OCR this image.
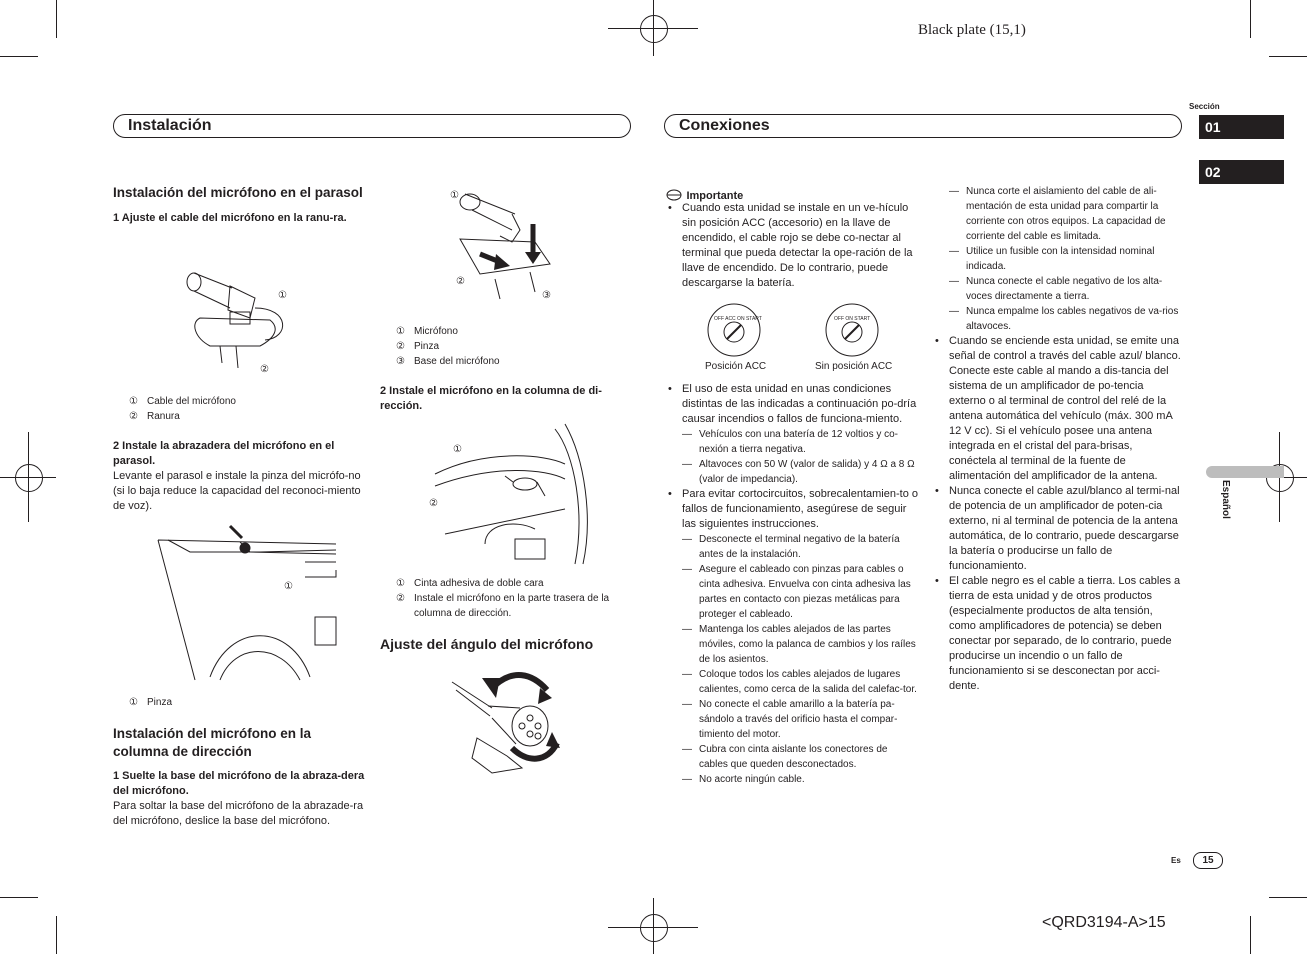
Black plate (15,1)
<QRD3194-A>15
Instalación	Conexiones
Sección
01
02
Español
Es	15
Instalación del micrófono en el parasol
1 Ajuste el cable del micrófono en la ranu-ra.
①
②
① Cable del micrófono
② Ranura
2 Instale la abrazadera del micrófono en el parasol.
Levante el parasol e instale la pinza del micrófo-no (si lo baja reduce la capacidad del reconoci-miento de voz).
①
① Pinza
Instalación del micrófono en la columna de dirección
1 Suelte la base del micrófono de la abraza-dera del micrófono.
Para soltar la base del micrófono de la abrazade-ra del micrófono, deslice la base del micrófono.
①
②
③
① Micrófono
② Pinza
③ Base del micrófono
2 Instale el micrófono en la columna de di-rección.
①
②
① Cinta adhesiva de doble cara
② Instale el micrófono en la parte trasera de la columna de dirección.
Ajuste del ángulo del micrófono
Importante
• Cuando esta unidad se instale en un ve-hículo sin posición ACC (accesorio) en la llave de encendido, el cable rojo se debe co-nectar al terminal que pueda detectar la ope-ración de la llave de encendido. De lo contrario, puede descargarse la batería.
OFF ACC ON START	OFF ON START
Posición ACC	Sin posición ACC
• El uso de esta unidad en unas condiciones distintas de las indicadas a continuación po-dría causar incendios o fallos de funciona-miento.
— Vehículos con una batería de 12 voltios y co-nexión a tierra negativa.
— Altavoces con 50 W (valor de salida) y 4 Ω a 8 Ω (valor de impedancia).
• Para evitar cortocircuitos, sobrecalentamien-to o fallos de funcionamiento, asegúrese de seguir las siguientes instrucciones.
— Desconecte el terminal negativo de la batería antes de la instalación.
— Asegure el cableado con pinzas para cables o cinta adhesiva. Envuelva con cinta adhesiva las partes en contacto con piezas metálicas para proteger el cableado.
— Mantenga los cables alejados de las partes móviles, como la palanca de cambios y los raíles de los asientos.
— Coloque todos los cables alejados de lugares calientes, como cerca de la salida del calefac-tor.
— No conecte el cable amarillo a la batería pa-sándolo a través del orificio hasta el compar-timiento del motor.
— Cubra con cinta aislante los conectores de cables que queden desconectados.
— No acorte ningún cable.
— Nunca corte el aislamiento del cable de ali-mentación de esta unidad para compartir la corriente con otros equipos. La capacidad de corriente del cable es limitada.
— Utilice un fusible con la intensidad nominal indicada.
— Nunca conecte el cable negativo de los alta-voces directamente a tierra.
— Nunca empalme los cables negativos de va-rios altavoces.
• Cuando se enciende esta unidad, se emite una señal de control a través del cable azul/ blanco. Conecte este cable al mando a dis-tancia del sistema de un amplificador de po-tencia externo o al terminal de control del relé de la antena automática del vehículo (máx. 300 mA 12 V cc). Si el vehículo posee una antena integrada en el cristal del para-brisas, conéctela al terminal de la fuente de alimentación del amplificador de la antena.
• Nunca conecte el cable azul/blanco al termi-nal de potencia de un amplificador de poten-cia externo, ni al terminal de potencia de la antena automática, de lo contrario, puede descargarse la batería o producirse un fallo de funcionamiento.
• El cable negro es el cable a tierra. Los cables a tierra de esta unidad y de otros productos (especialmente productos de alta tensión, como amplificadores de potencia) se deben conectar por separado, de lo contrario, puede producirse un incendio o un fallo de funcionamiento si se desconectan por acci-dente.
